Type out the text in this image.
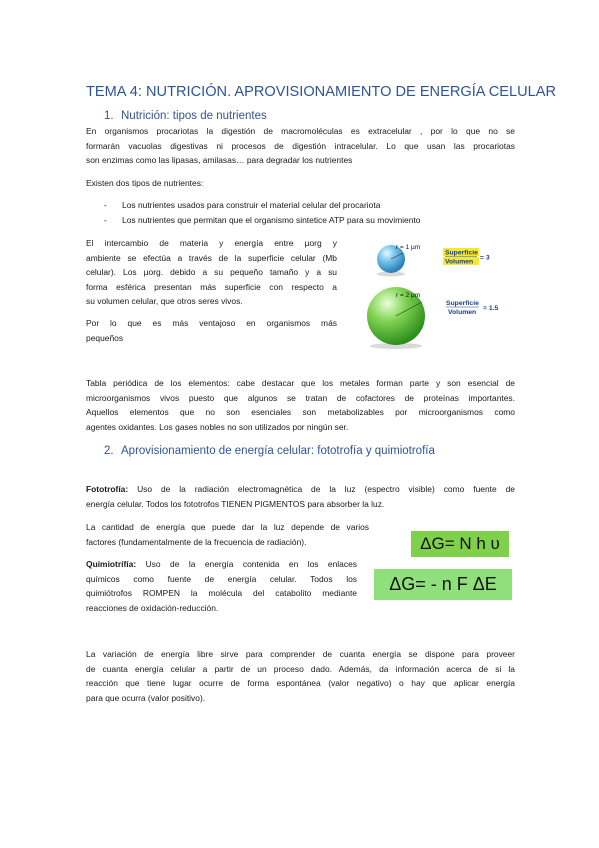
TEMA 4: NUTRICIÓN. APROVISIONAMIENTO DE ENERGÍA CELULAR
1. Nutrición: tipos de nutrientes
En organismos procariotas la digestión de macromoléculas es extracelular , por lo que no se
formarán vacuolas digestivas ni procesos de digestión intracelular. Lo que usan las procariotas
son enzimas como las lipasas, amilasas… para degradar los nutrientes
Existen dos tipos de nutrientes:
- Los nutrientes usados para construir el material celular del procariota
- Los nutrientes que permitan que el organismo sintetice ATP para su movimiento
El intercambio de materia y energía entre µorg y
ambiente se efectúa a través de la superficie celular (Mb
celular). Los µorg. debido a su pequeño tamaño y a su
forma esférica presentan más superficie con respecto a
su volumen celular, que otros seres vivos.
Por lo que es más ventajoso en organismos más
pequeños
r = 1 µm
Superficie
Volumen
= 3
r = 2 µm
Superficie
Volumen
= 1.5
Tabla periódica de los elementos: cabe destacar que los metales forman parte y son esencial de
microorganismos vivos puesto que algunos se tratan de cofactores de proteínas importantes.
Aquellos elementos que no son esenciales son metabolizables por microorganismos como
agentes oxidantes. Los gases nobles no son utilizados por ningún ser.
2. Aprovisionamiento de energía celular: fototrofía y quimiotrofía
Fototrofía: Uso de la radiación electromagnética de la luz (espectro visible) como fuente de
energía celular. Todos los fototrofos TIENEN PIGMENTOS para absorber la luz.
La cantidad de energía que puede dar la luz depende de varios
factores (fundamentalmente de la frecuencia de radiación).	ΔG= N h υ
Quimiotrífía: Uso de la energía contenida en los enlaces
químicos como fuente de energía celular. Todos los
quimiótrofos ROMPEN la molécula del catabolito mediante
reacciones de oxidación-reducción.
ΔG= - n F ΔE
La variación de energía libre sirve para comprender de cuanta energía se dispone para proveer
de cuanta energía celular a partir de un proceso dado. Además, da información acerca de si la
reacción que tiene lugar ocurre de forma espontánea (valor negativo) o hay que aplicar energía
para que ocurra (valor positivo).
